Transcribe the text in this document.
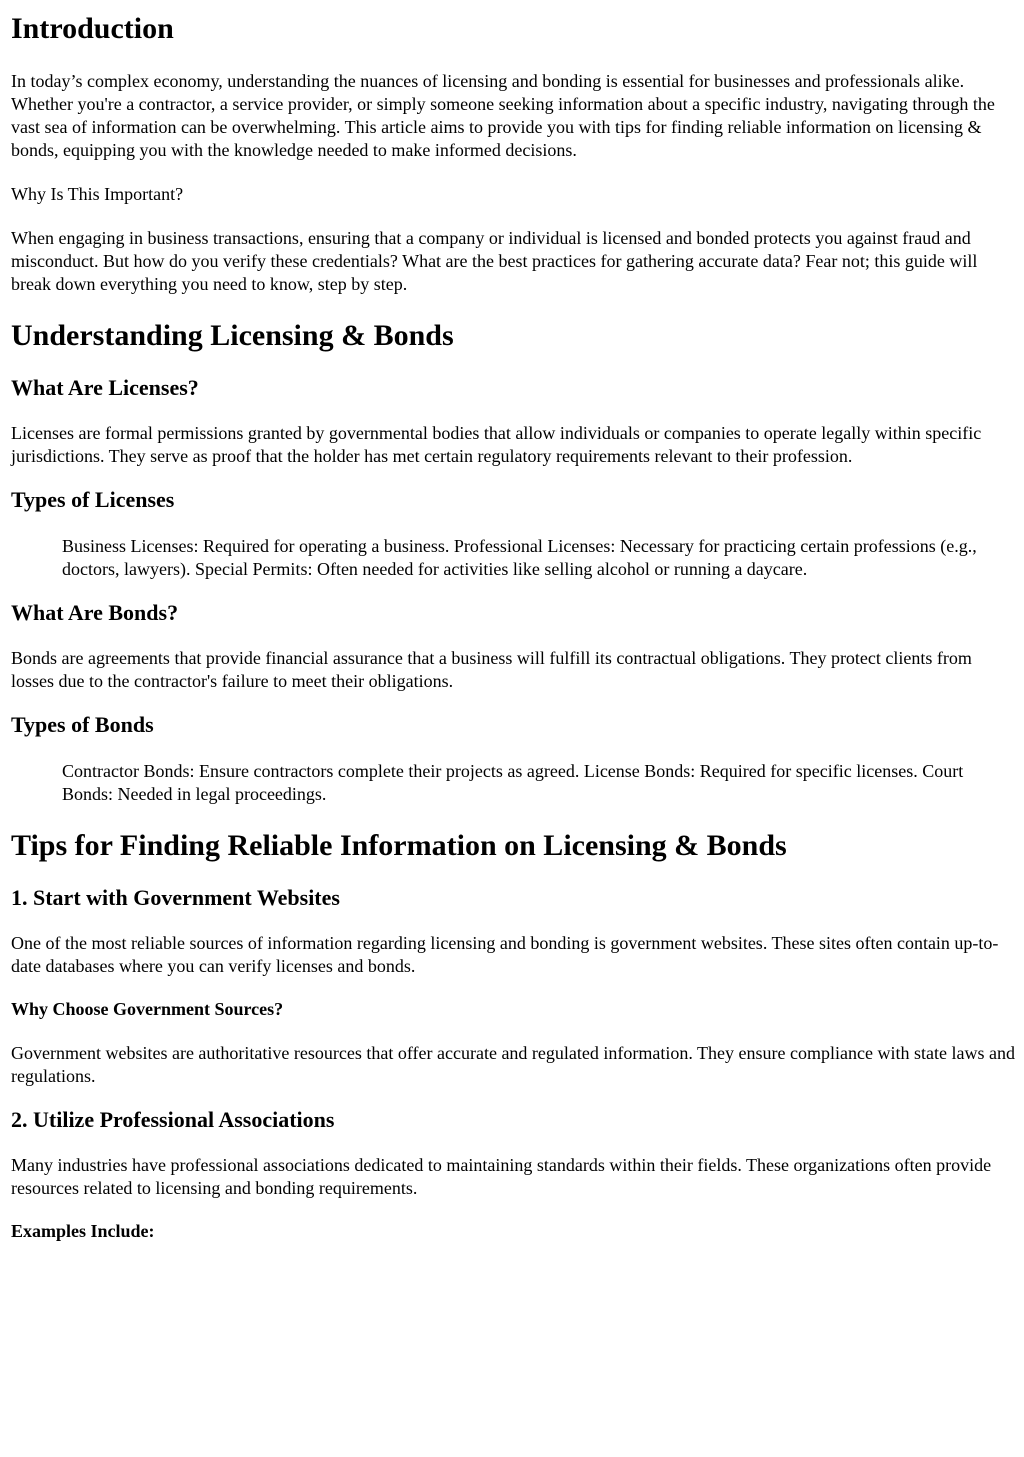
Introduction

In today’s complex economy, understanding the nuances of licensing and bonding is essential for businesses and professionals alike. Whether you're a contractor, a service provider, or simply someone seeking information about a specific industry, navigating through the vast sea of information can be overwhelming. This article aims to provide you with tips for finding reliable information on licensing & bonds, equipping you with the knowledge needed to make informed decisions.

Why Is This Important?

When engaging in business transactions, ensuring that a company or individual is licensed and bonded protects you against fraud and misconduct. But how do you verify these credentials? What are the best practices for gathering accurate data? Fear not; this guide will break down everything you need to know, step by step.

Understanding Licensing & Bonds
What Are Licenses?

Licenses are formal permissions granted by governmental bodies that allow individuals or companies to operate legally within specific jurisdictions. They serve as proof that the holder has met certain regulatory requirements relevant to their profession.

Types of Licenses

Business Licenses: Required for operating a business. Professional Licenses: Necessary for practicing certain professions (e.g., doctors, lawyers). Special Permits: Often needed for activities like selling alcohol or running a daycare.

What Are Bonds?

Bonds are agreements that provide financial assurance that a business will fulfill its contractual obligations. They protect clients from losses due to the contractor's failure to meet their obligations.

Types of Bonds

Contractor Bonds: Ensure contractors complete their projects as agreed. License Bonds: Required for specific licenses. Court Bonds: Needed in legal proceedings.

Tips for Finding Reliable Information on Licensing & Bonds
1. Start with Government Websites

One of the most reliable sources of information regarding licensing and bonding is government websites. These sites often contain up-to-date databases where you can verify licenses and bonds.

Why Choose Government Sources?

Government websites are authoritative resources that offer accurate and regulated information. They ensure compliance with state laws and regulations.

2. Utilize Professional Associations

Many industries have professional associations dedicated to maintaining standards within their fields. These organizations often provide resources related to licensing and bonding requirements.

Examples Include:
